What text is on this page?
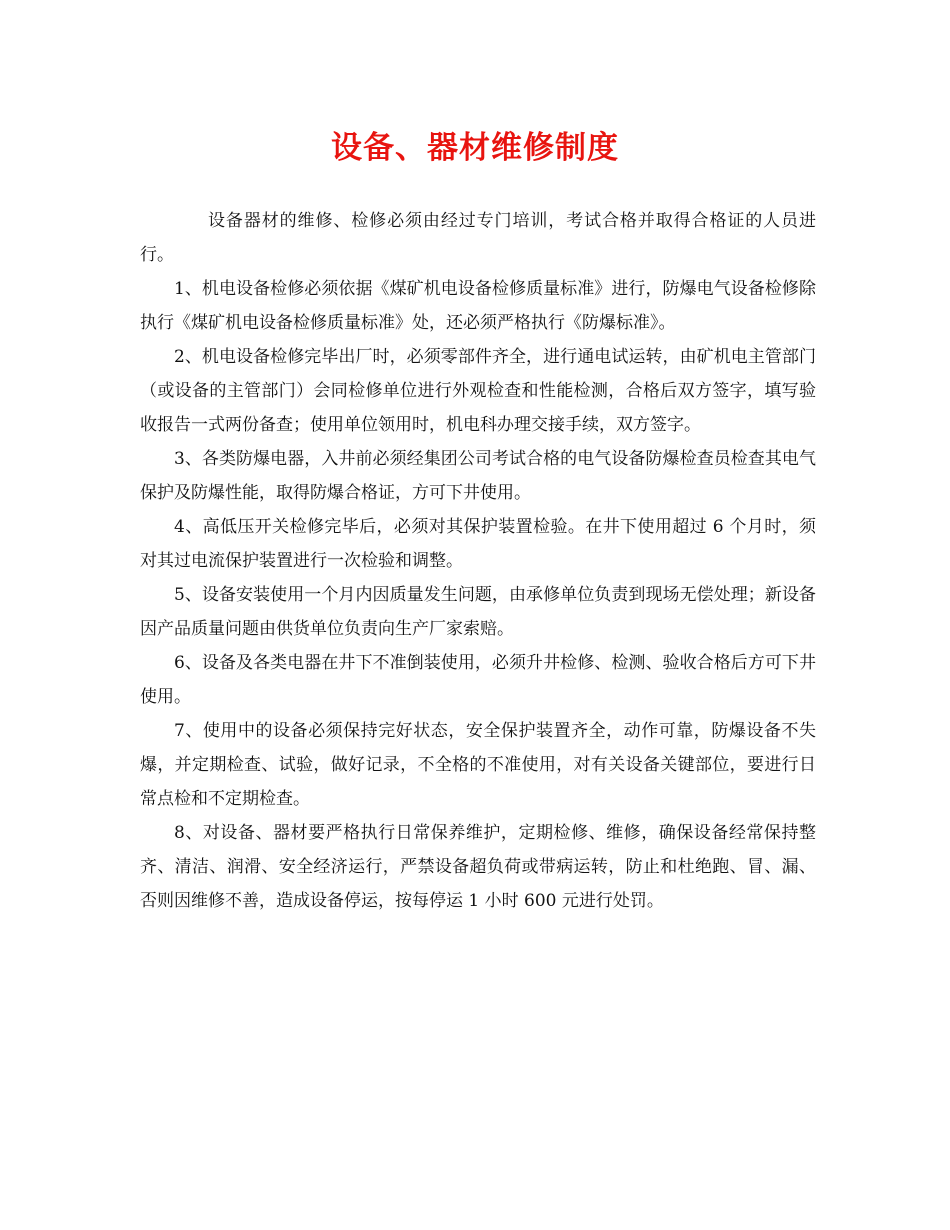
设备、器材维修制度

设备器材的维修、检修必须由经过专门培训，考试合格并取得合格证的人员进行。

1、机电设备检修必须依据《煤矿机电设备检修质量标准》进行，防爆电气设备检修除执行《煤矿机电设备检修质量标准》处，还必须严格执行《防爆标准》。

2、机电设备检修完毕出厂时，必须零部件齐全，进行通电试运转，由矿机电主管部门（或设备的主管部门）会同检修单位进行外观检查和性能检测，合格后双方签字，填写验收报告一式两份备查；使用单位领用时，机电科办理交接手续，双方签字。

3、各类防爆电器，入井前必须经集团公司考试合格的电气设备防爆检查员检查其电气保护及防爆性能，取得防爆合格证，方可下井使用。

4、高低压开关检修完毕后，必须对其保护装置检验。在井下使用超过 6 个月时，须对其过电流保护装置进行一次检验和调整。

5、设备安装使用一个月内因质量发生问题，由承修单位负责到现场无偿处理；新设备因产品质量问题由供货单位负责向生产厂家索赔。

6、设备及各类电器在井下不准倒装使用，必须升井检修、检测、验收合格后方可下井使用。

7、使用中的设备必须保持完好状态，安全保护装置齐全，动作可靠，防爆设备不失爆，并定期检查、试验，做好记录，不全格的不准使用，对有关设备关键部位，要进行日常点检和不定期检查。

8、对设备、器材要严格执行日常保养维护，定期检修、维修，确保设备经常保持整齐、清洁、润滑、安全经济运行，严禁设备超负荷或带病运转，防止和杜绝跑、冒、漏、否则因维修不善，造成设备停运，按每停运 1 小时 600 元进行处罚。
